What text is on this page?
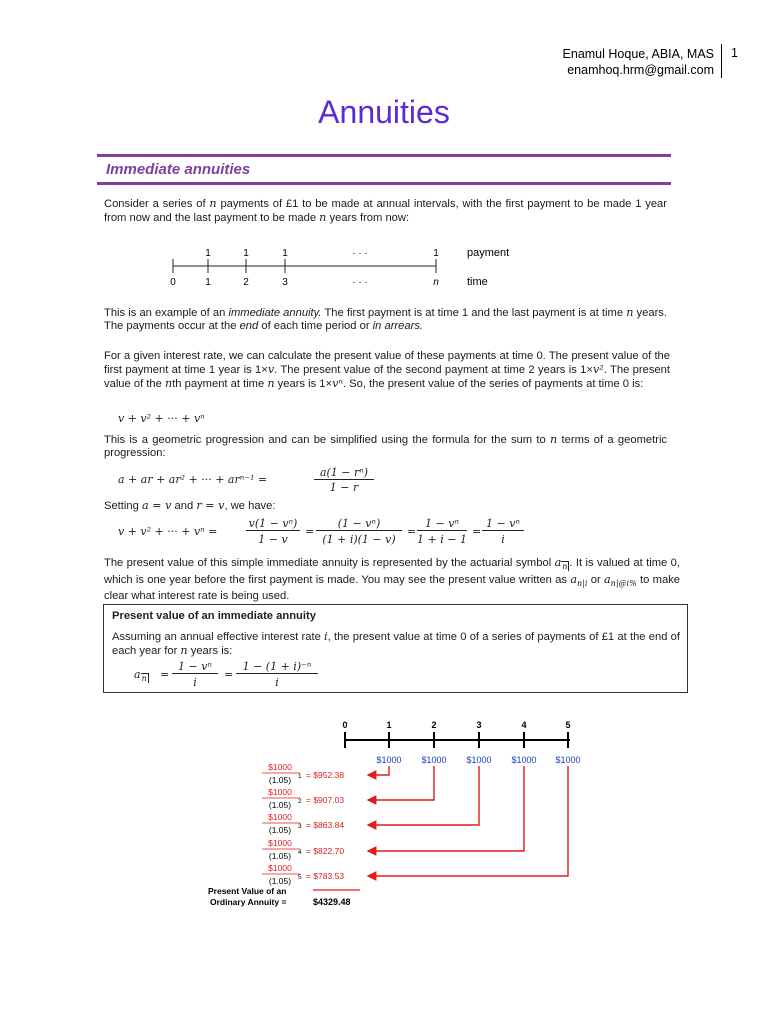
Enamul Hoque, ABIA, MAS
enamhoq.hrm@gmail.com
1
Annuities
Immediate annuities
Consider a series of n payments of £1 to be made at annual intervals, with the first payment to be made 1 year from now and the last payment to be made n years from now:
0	1
1
2
1
3
1
· · ·
· · ·
n
1	payment
time
This is an example of an immediate annuity. The first payment is at time 1 and the last payment is at time n years. The payments occur at the end of each time period or in arrears.
For a given interest rate, we can calculate the present value of these payments at time 0. The present value of the first payment at time 1 year is 1×v. The present value of the second payment at time 2 years is 1×v². The present value of the nth payment at time n years is 1×vⁿ. So, the present value of the series of payments at time 0 is:
v + v² + ··· + vⁿ
This is a geometric progression and can be simplified using the formula for the sum to n terms of a geometric progression:
a + ar + ar² + ··· + arⁿ⁻¹ =
a(1 − rⁿ)
1 − r
Setting a = v and r = v, we have:
v + v² + ··· + vⁿ =
v(1 − vⁿ)
1 − v
=
(1 − vⁿ)
(1 + i)(1 − v)
=
1 − vⁿ
1 + i − 1
=
1 − vⁿ
i
The present value of this simple immediate annuity is represented by the actuarial symbol $a_n$ . It is valued at time 0, which is one year before the first payment is made. You may see the present value written as $a_{n|i}$ or $a_{n|@i\%}$ to make clear what interest rate is being used.
Present value of an immediate annuity
Assuming an annual effective interest rate i, the present value at time 0 of a series of payments of £1 at the end of each year for n years is:
$a_n$ =
1 − vⁿ
i
=
1 − (1 + i)⁻ⁿ
i
0	1
$1000
2
$1000
3
$1000
4
$1000
5
$1000
$1000
(1.05) 1 = $952.38
$1000
(1.05) 2 = $907.03
$1000
(1.05) 3 = $863.84
$1000
(1.05) 4 = $822.70
$1000
(1.05) 5 = $783.53
Present Value of an
Ordinary Annuity =	$4329.48
